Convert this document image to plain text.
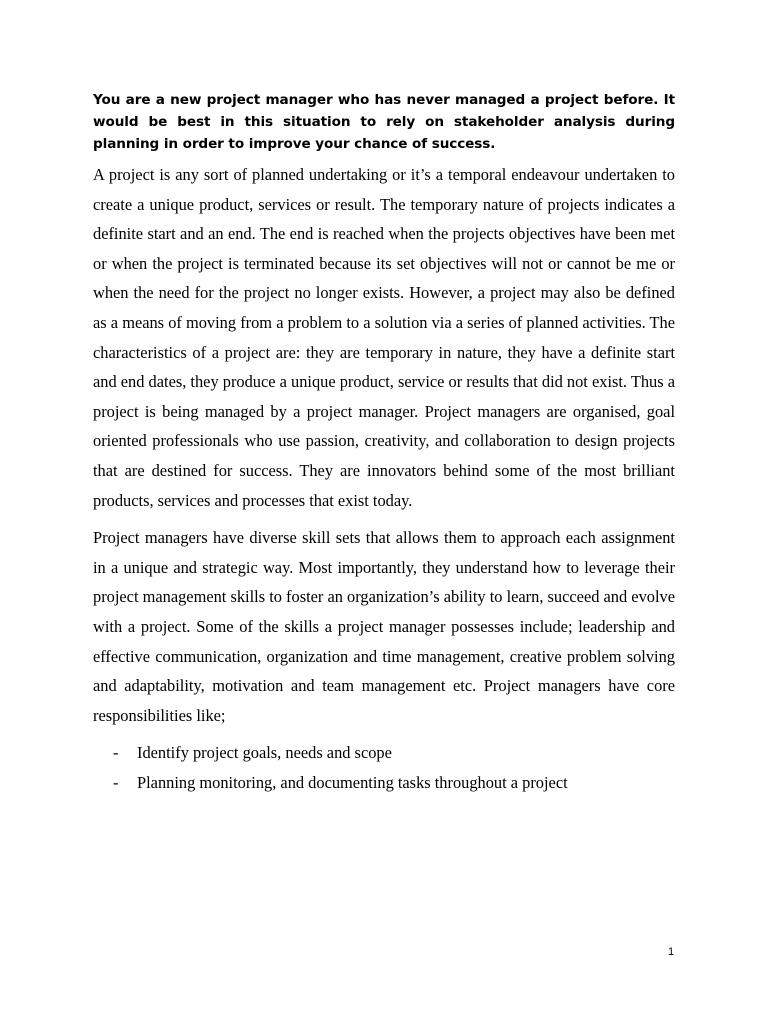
You are a new project manager who has never managed a project before. It would be best in this situation to rely on stakeholder analysis during planning in order to improve your chance of success.

A project is any sort of planned undertaking or it’s a temporal endeavour undertaken to create a unique product, services or result. The temporary nature of projects indicates a definite start and an end. The end is reached when the projects objectives have been met or when the project is terminated because its set objectives will not or cannot be me or when the need for the project no longer exists. However, a project may also be defined as a means of moving from a problem to a solution via a series of planned activities. The characteristics of a project are: they are temporary in nature, they have a definite start and end dates, they produce a unique product, service or results that did not exist. Thus a project is being managed by a project manager. Project managers are organised, goal oriented professionals who use passion, creativity, and collaboration to design projects that are destined for success. They are innovators behind some of the most brilliant products, services and processes that exist today.

Project managers have diverse skill sets that allows them to approach each assignment in a unique and strategic way. Most importantly, they understand how to leverage their project management skills to foster an organization’s ability to learn, succeed and evolve with a project. Some of the skills a project manager possesses include; leadership and effective communication, organization and time management, creative problem solving and adaptability, motivation and team management etc. Project managers have core responsibilities like;

-	Identify project goals, needs and scope
-	Planning monitoring, and documenting tasks throughout a project
1
